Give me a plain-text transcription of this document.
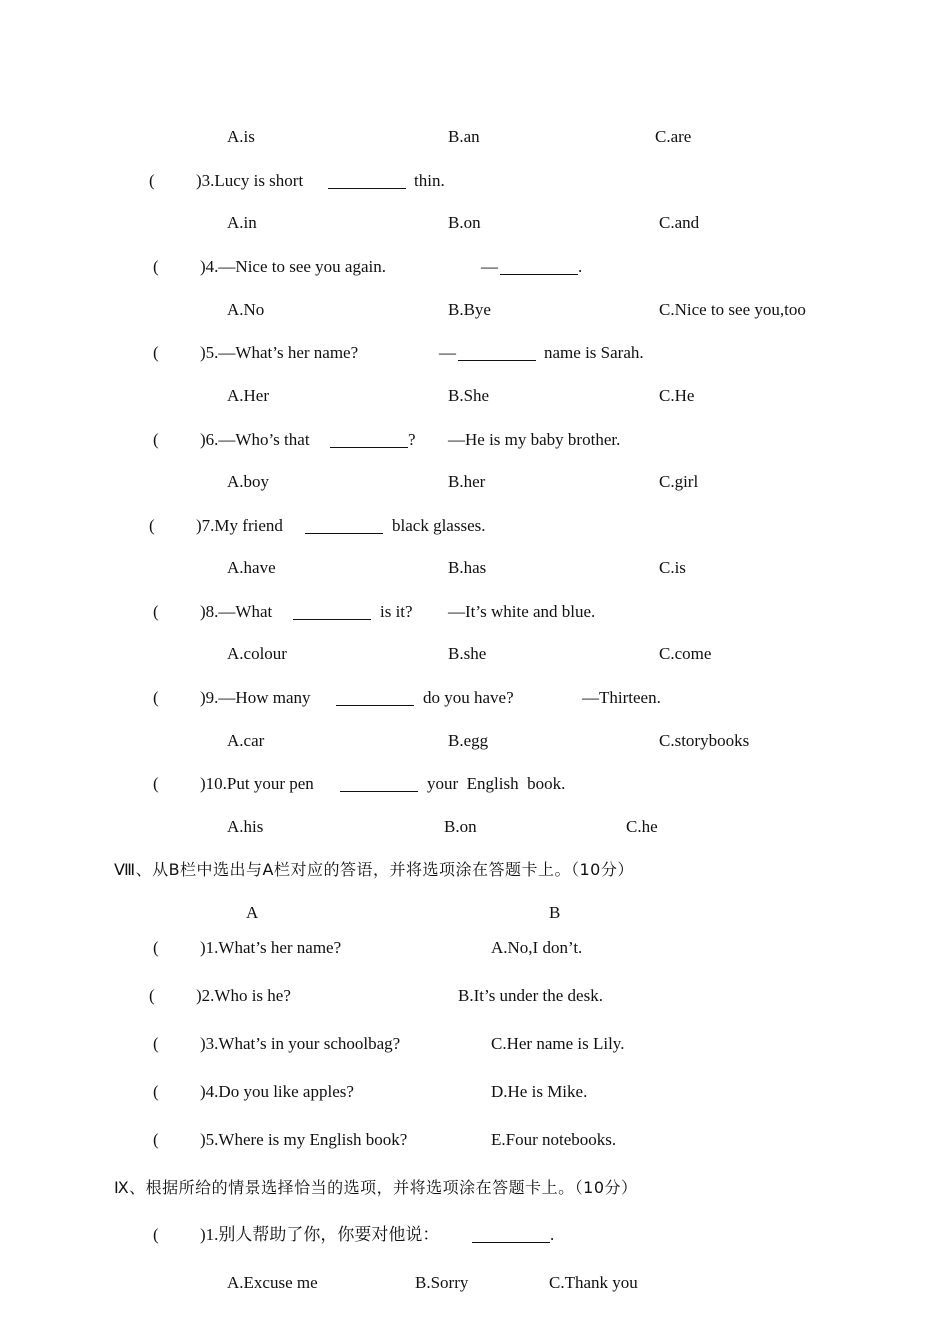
A.is	B.an	C.are
( )3.Lucy is short	thin.
A.in	B.on	C.and
( )4.—Nice to see you again.	—	.
A.No	B.Bye	C.Nice to see you,too
( )5.—What’s her name?	—	name is Sarah.
A.Her	B.She	C.He
( )6.—Who’s that	? —He is my baby brother.
A.boy	B.her	C.girl
( )7.My friend	black glasses.
A.have	B.has	C.is
( )8.—What	is it? —It’s white and blue.
A.colour	B.she	C.come
( )9.—How many	do you have?	—Thirteen.
A.car	B.egg	C.storybooks
( )10.Put your pen	your  English  book.
A.his	B.on	C.he
Ⅷ、从B栏中选出与A栏对应的答语，并将选项涂在答题卡上。（10分）
A	B
( )1.What’s her name?	A.No,I don’t.
( )2.Who is he?	B.It’s under the desk.
( )3.What’s in your schoolbag?	C.Her name is Lily.
( )4.Do you like apples?	D.He is Mike.
( )5.Where is my English book?	E.Four notebooks.
Ⅸ、根据所给的情景选择恰当的选项，并将选项涂在答题卡上。（10分）
( )1.别人帮助了你，你要对他说：	.
A.Excuse me	B.Sorry	C.Thank you
